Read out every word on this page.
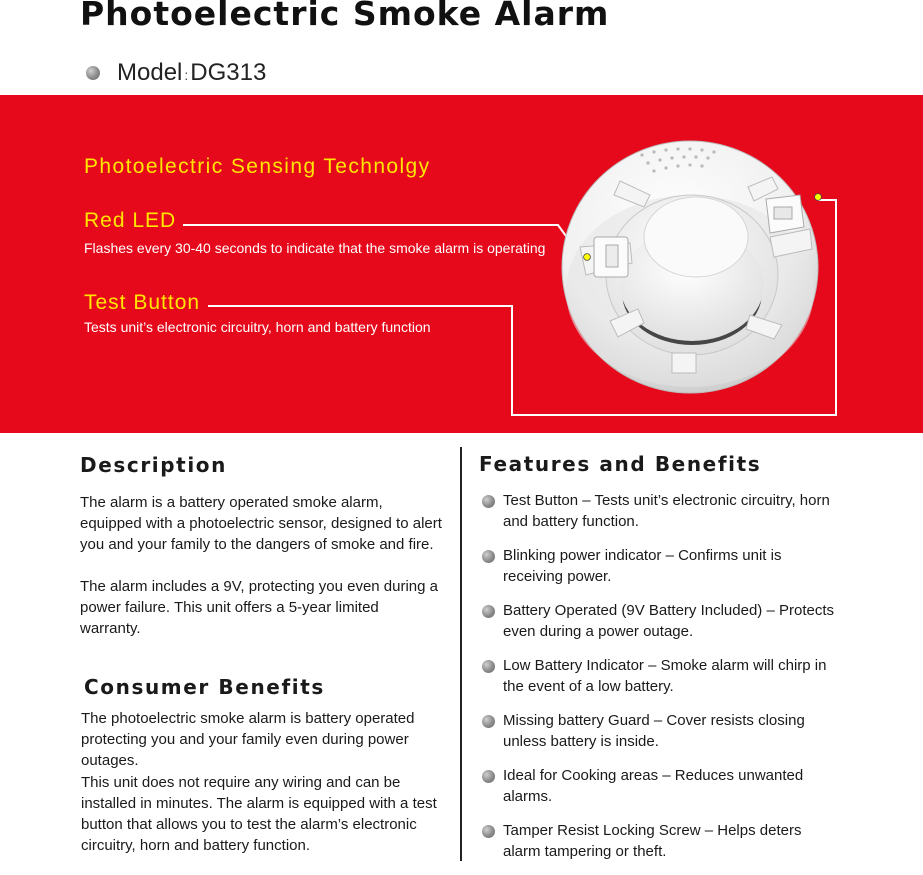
Photoelectric Smoke Alarm
Model : DG313
Photoelectric Sensing Technolgy
Red LED

Flashes every 30-40 seconds to indicate that the smoke alarm is operating

Test Button

Tests unit’s electronic circuitry, horn and battery function

Description

The alarm is a battery operated smoke alarm, equipped with a photoelectric sensor, designed to alert you and your family to the dangers of smoke and fire.

The alarm includes a 9V, protecting you even during a power failure. This unit offers a 5-year limited warranty.

Consumer Benefits

The photoelectric smoke alarm is battery operated protecting you and your family even during power outages.

This unit does not require any wiring and can be installed in minutes. The alarm is equipped with a test button that allows you to test the alarm’s electronic circuitry, horn and battery function.

Features and Benefits
Test Button – Tests unit’s electronic circuitry, horn and battery function.
Blinking power indicator – Confirms unit is receiving power.
Battery Operated (9V Battery Included) – Protects even during a power outage.
Low Battery Indicator – Smoke alarm will chirp in the event of a low battery.
Missing battery Guard – Cover resists closing unless battery is inside.
Ideal for Cooking areas – Reduces unwanted alarms.
Tamper Resist Locking Screw – Helps deters alarm tampering or theft.
